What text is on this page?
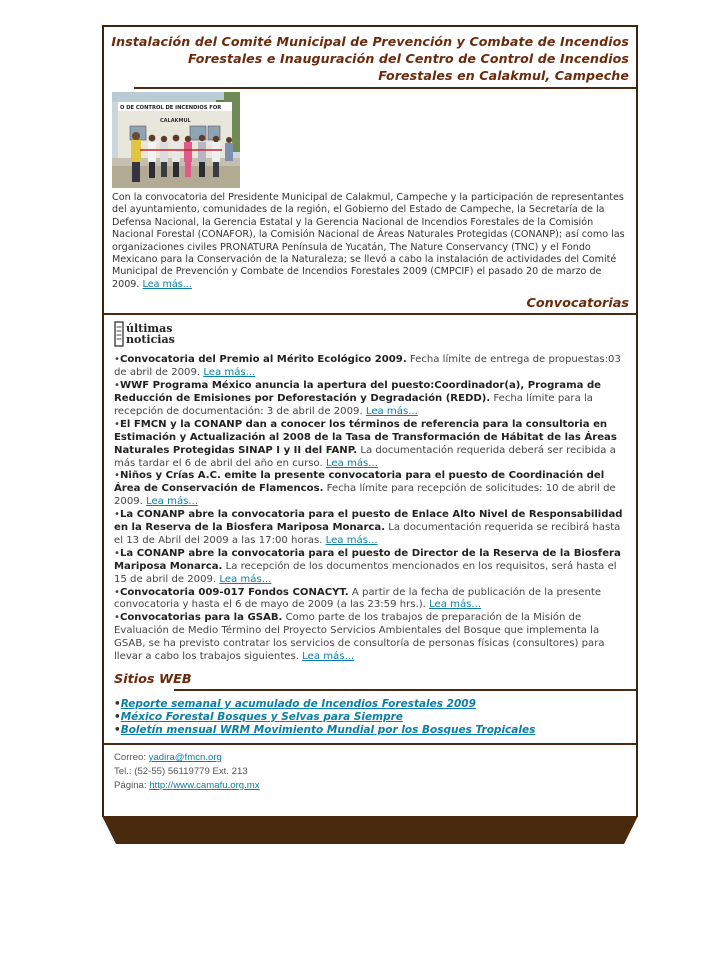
Instalación del Comité Municipal de Prevención y Combate de Incendios Forestales e Inauguración del Centro de Control de Incendios Forestales en Calakmul, Campeche
O DE CONTROL DE INCENDIOS FOR
CALAKMUL
Con la convocatoria del Presidente Municipal de Calakmul, Campeche y la participación de representantes del ayuntamiento, comunidades de la región, el Gobierno del Estado de Campeche, la Secretaría de la Defensa Nacional, la Gerencia Estatal y la Gerencia Nacional de Incendios Forestales de la Comisión Nacional Forestal (CONAFOR), la Comisión Nacional de Áreas Naturales Protegidas (CONANP); así como las organizaciones civiles PRONATURA Península de Yucatán, The Nature Conservancy (TNC) y el Fondo Mexicano para la Conservación de la Naturaleza; se llevó a cabo la instalación de actividades del Comité Municipal de Prevención y Combate de Incendios Forestales 2009 (CMPCIF) el pasado 20 de marzo de 2009. Lea más...
Convocatorias
últimas
noticias
•Convocatoria del Premio al Mérito Ecológico 2009. Fecha límite de entrega de propuestas:03 de abril de 2009. Lea más...
•WWF Programa México anuncia la apertura del puesto:Coordinador(a), Programa de Reducción de Emisiones por Deforestación y Degradación (REDD). Fecha límite para la recepción de documentación: 3 de abril de 2009. Lea más...
•El FMCN y la CONANP dan a conocer los términos de referencia para la consultoria en Estimación y Actualización al 2008 de la Tasa de Transformación de Hábitat de las Áreas Naturales Protegidas SINAP I y II del FANP. La documentación requerida deberá ser recibida a más tardar el 6 de abril del año en curso. Lea más...
•Niños y Crías A.C. emite la presente convocatoria para el puesto de Coordinación del Área de Conservación de Flamencos. Fecha límite para recepción de solicitudes: 10 de abril de 2009. Lea más...
•La CONANP abre la convocatoria para el puesto de Enlace Alto Nivel de Responsabilidad en la Reserva de la Biosfera Mariposa Monarca. La documentación requerida se recibirá hasta el 13 de Abril del 2009 a las 17:00 horas. Lea más...
•La CONANP abre la convocatoria para el puesto de Director de la Reserva de la Biosfera Mariposa Monarca. La recepción de los documentos mencionados en los requisitos, será hasta el 15 de abril de 2009. Lea más...
•Convocatoria 009-017 Fondos CONACYT. A partir de la fecha de publicación de la presente convocatoria y hasta el 6 de mayo de 2009 (a las 23:59 hrs.). Lea más...
•Convocatorias para la GSAB. Como parte de los trabajos de preparación de la Misión de Evaluación de Medio Término del Proyecto Servicios Ambientales del Bosque que implementa la GSAB, se ha previsto contratar los servicios de consultoría de personas físicas (consultores) para llevar a cabo los trabajos siguientes. Lea más...
Sitios WEB
•Reporte semanal y acumulado de Incendios Forestales 2009
•México Forestal Bosques y Selvas para Siempre
•Boletín mensual WRM Movimiento Mundial por los Bosques Tropicales
Correo: yadira@fmcn.org
Tel.: (52-55) 56119779 Ext. 213
Página: http://www.camafu.org.mx
